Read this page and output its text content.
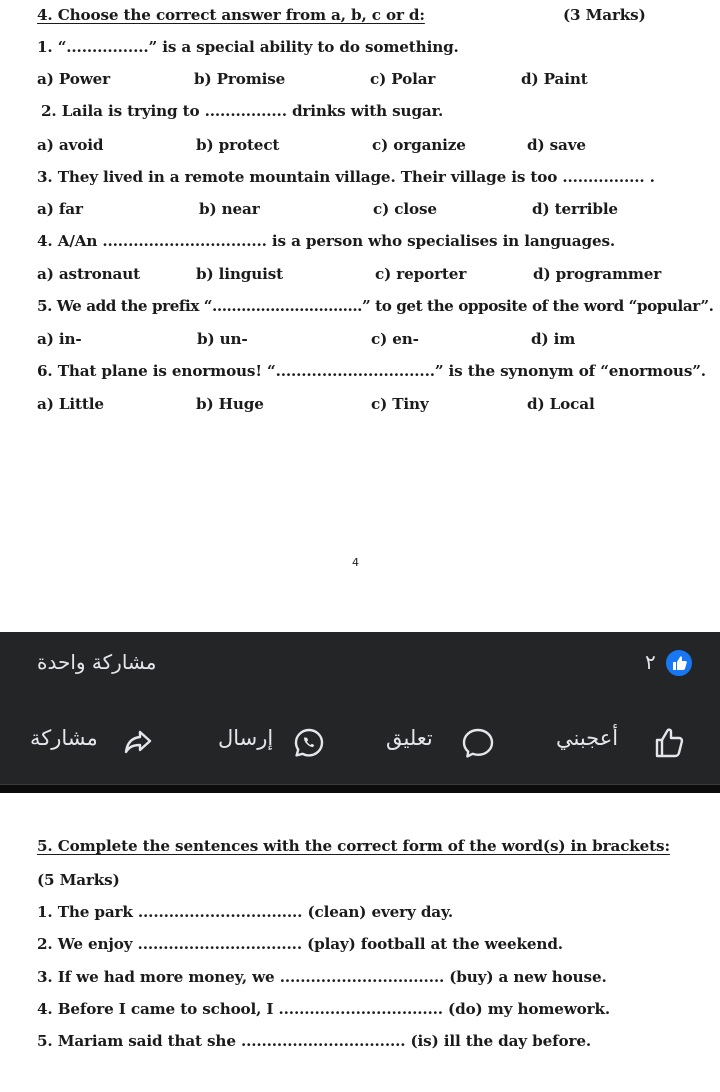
4. Choose the correct answer from a, b, c or d:	(3 Marks)
1. “................” is a special ability to do something.
a) Power	b) Promise	c) Polar	d) Paint
2. Laila is trying to ................ drinks with sugar.
a) avoid	b) protect	c) organize	d) save
3. They lived in a remote mountain village. Their village is too ................ .
a) far	b) near	c) close	d) terrible
4. A/An ................................ is a person who specialises in languages.
a) astronaut	b) linguist	c) reporter	d) programmer
5. We add the prefix “...............................” to get the opposite of the word “popular”.
a) in-	b) un-	c) en-	d) im
6. That plane is enormous! “...............................” is the synonym of “enormous”.
a) Little	b) Huge	c) Tiny	d) Local
4
مشاركة واحدة	٢
مشاركة	إرسال	تعليق	أعجبني
5. Complete the sentences with the correct form of the word(s) in brackets:
(5 Marks)
1. The park ................................ (clean) every day.
2. We enjoy ................................ (play) football at the weekend.
3. If we had more money, we ................................ (buy) a new house.
4. Before I came to school, I ................................ (do) my homework.
5. Mariam said that she ................................ (is) ill the day before.
